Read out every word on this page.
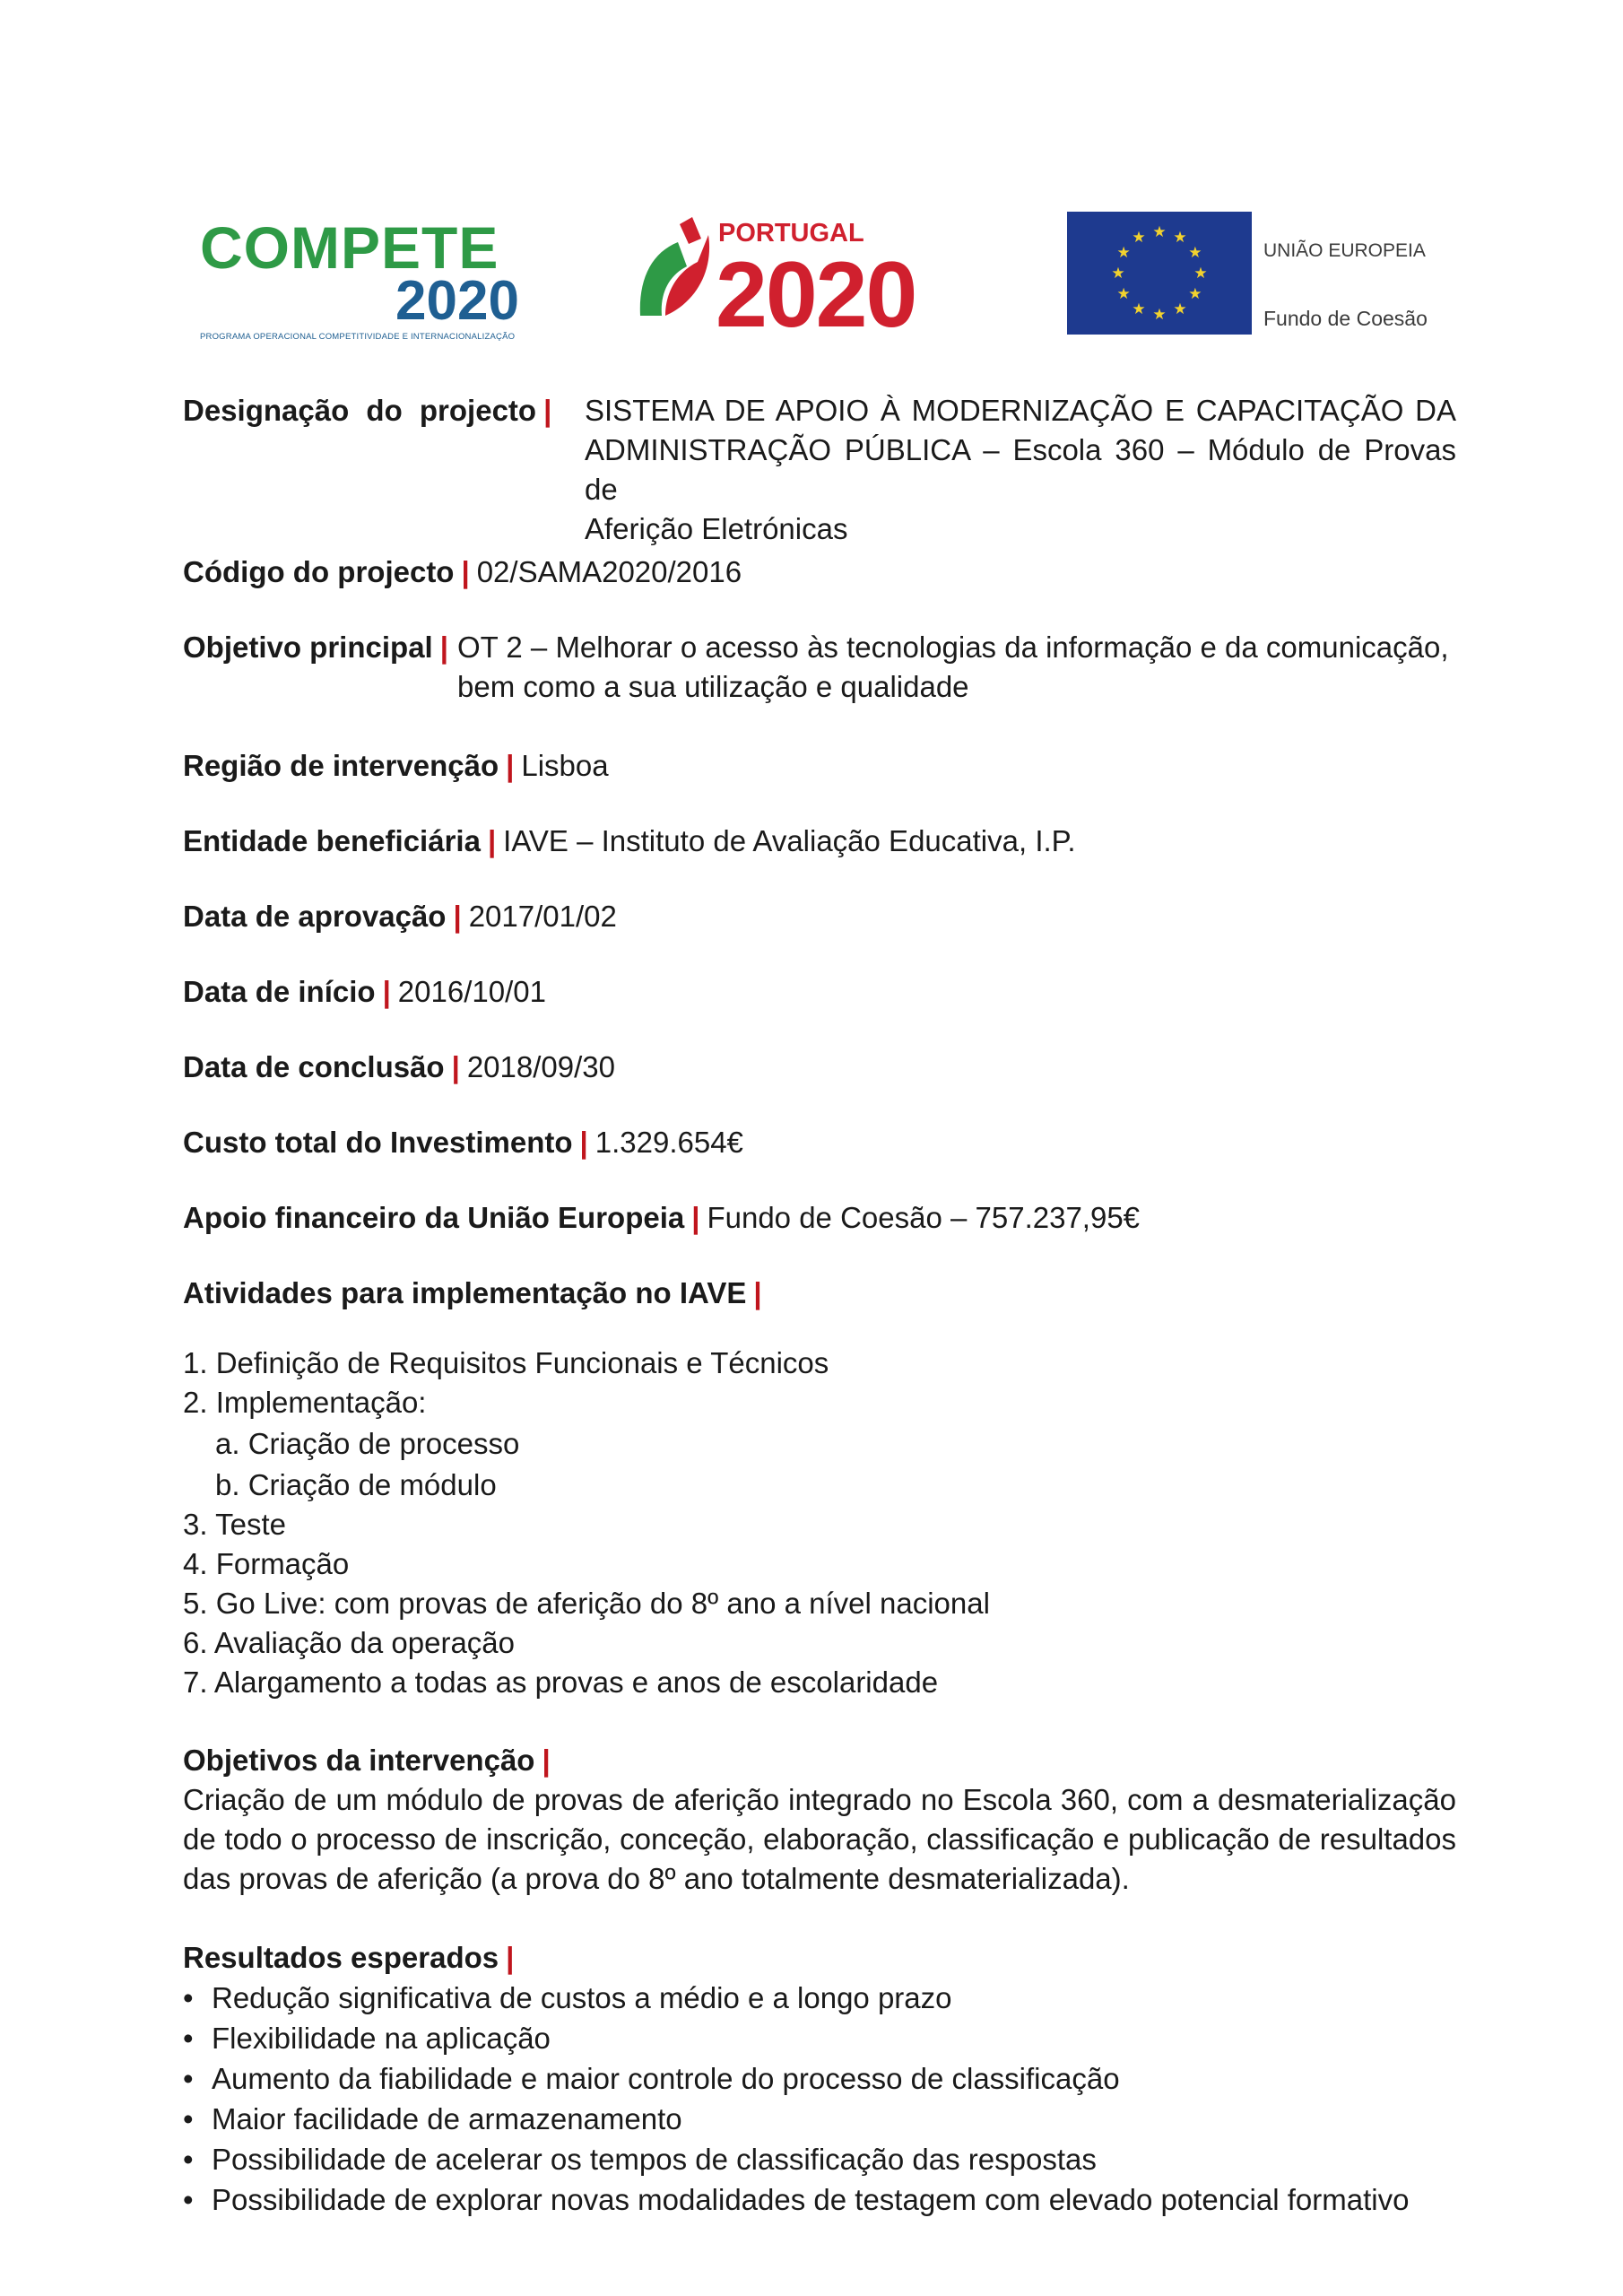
COMPETE
2020
PROGRAMA OPERACIONAL COMPETITIVIDADE E INTERNACIONALIZAÇÃO
PORTUGAL
2020
★ ★
★
★
★
★
★
★
★
★
★
★
UNIÃO EUROPEIA
Fundo de Coesão
Designação do projecto | SISTEMA DE APOIO À MODERNIZAÇÃO E CAPACITAÇÃO DA
ADMINISTRAÇÃO PÚBLICA – Escola 360 – Módulo de Provas de
Aferição Eletrónicas
Código do projecto | 02/SAMA2020/2016
Objetivo principal | OT 2 – Melhorar o acesso às tecnologias da informação e da comunicação,
bem como a sua utilização e qualidade
Região de intervenção | Lisboa
Entidade beneficiária | IAVE – Instituto de Avaliação Educativa, I.P.
Data de aprovação | 2017/01/02
Data de início | 2016/10/01
Data de conclusão | 2018/09/30
Custo total do Investimento | 1.329.654€
Apoio financeiro da União Europeia | Fundo de Coesão – 757.237,95€
Atividades para implementação no IAVE |
1. Definição de Requisitos Funcionais e Técnicos
2. Implementação:
a. Criação de processo
b. Criação de módulo
3. Teste
4. Formação
5. Go Live: com provas de aferição do 8º ano a nível nacional
6. Avaliação da operação
7. Alargamento a todas as provas e anos de escolaridade
Objetivos da intervenção |
Criação de um módulo de provas de aferição integrado no Escola 360, com a desmaterialização
de todo o processo de inscrição, conceção, elaboração, classificação e publicação de resultados
das provas de aferição (a prova do 8º ano totalmente desmaterializada).
Resultados esperados |
• Redução significativa de custos a médio e a longo prazo
• Flexibilidade na aplicação
• Aumento da fiabilidade e maior controle do processo de classificação
• Maior facilidade de armazenamento
• Possibilidade de acelerar os tempos de classificação das respostas
• Possibilidade de explorar novas modalidades de testagem com elevado potencial formativo
